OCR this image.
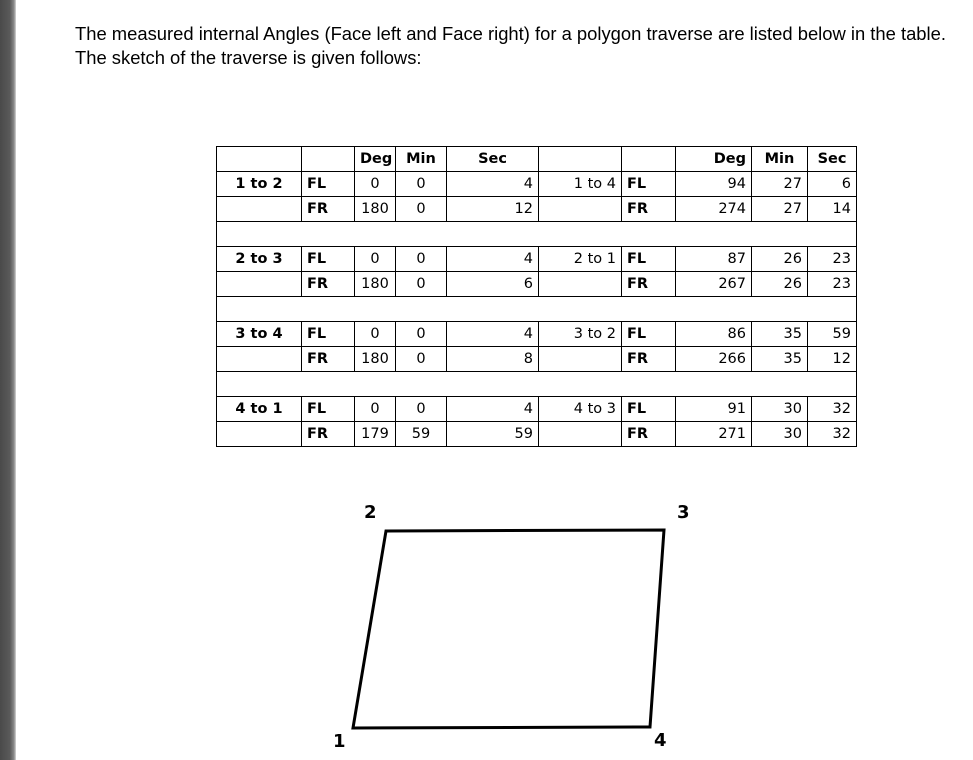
The measured internal Angles (Face left and Face right) for a polygon traverse are listed below in the table.
The sketch of the traverse is given follows:
		Deg	Min	Sec			Deg	Min	Sec
1 to 2	FL	0	0	4	1 to 4	FL	94	27	6
	FR	180	0	12		FR	274	27	14

2 to 3	FL	0	0	4	2 to 1	FL	87	26	23
	FR	180	0	6		FR	267	26	23

3 to 4	FL	0	0	4	3 to 2	FL	86	35	59
	FR	180	0	8		FR	266	35	12

4 to 1	FL	0	0	4	4 to 3	FL	91	30	32
	FR	179	59	59		FR	271	30	32
2	3
1	4
